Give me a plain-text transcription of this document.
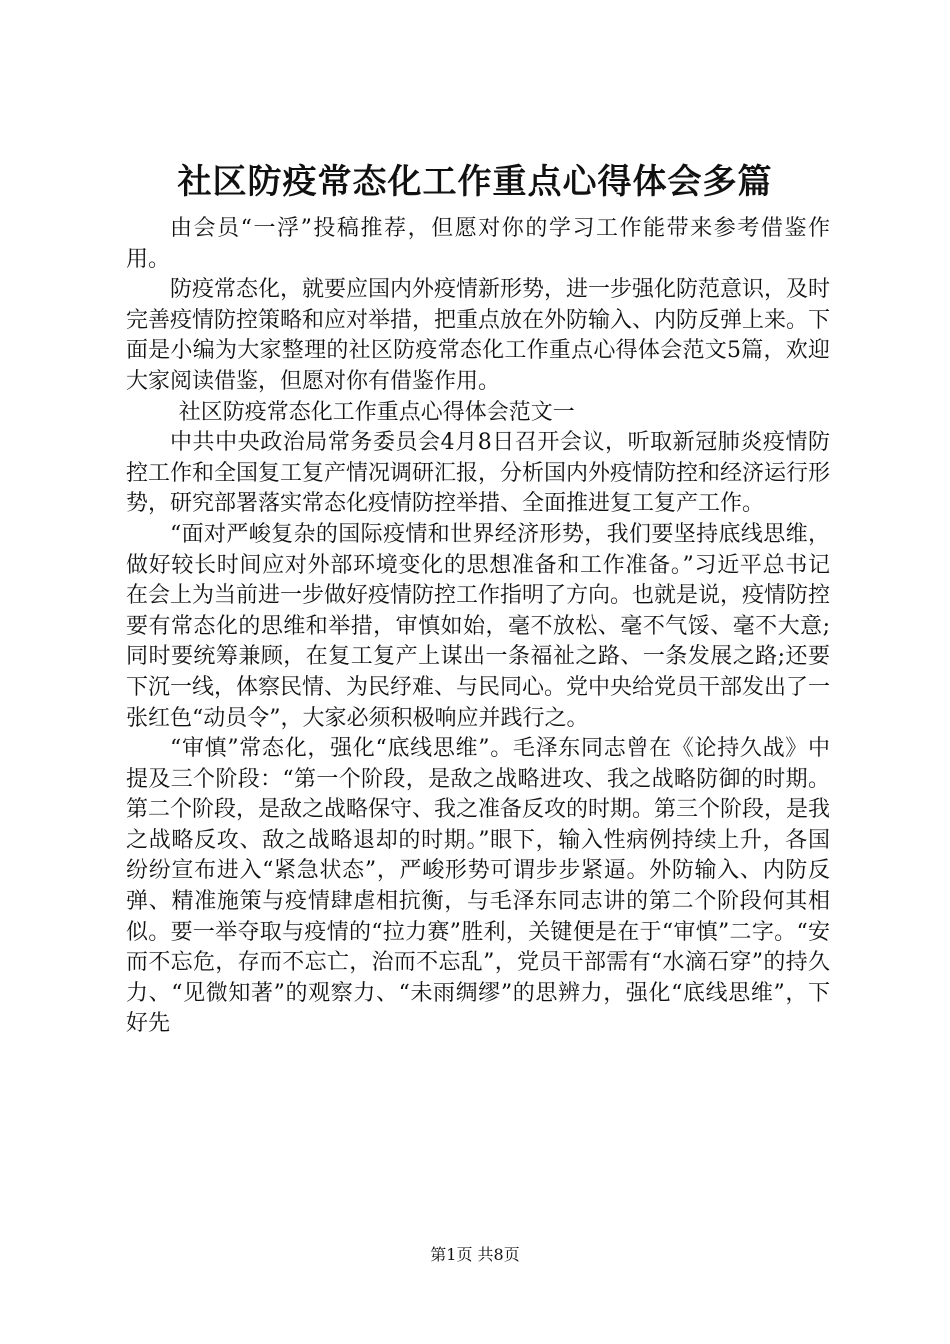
社区防疫常态化工作重点心得体会多篇

由会员“一浮”投稿推荐，但愿对你的学习工作能带来参考借鉴作用。

防疫常态化，就要应国内外疫情新形势，进一步强化防范意识，及时完善疫情防控策略和应对举措，把重点放在外防输入、内防反弹上来。下面是小编为大家整理的社区防疫常态化工作重点心得体会范文5篇，欢迎大家阅读借鉴，但愿对你有借鉴作用。

社区防疫常态化工作重点心得体会范文一

中共中央政治局常务委员会4月8日召开会议，听取新冠肺炎疫情防控工作和全国复工复产情况调研汇报，分析国内外疫情防控和经济运行形势，研究部署落实常态化疫情防控举措、全面推进复工复产工作。

“面对严峻复杂的国际疫情和世界经济形势，我们要坚持底线思维，做好较长时间应对外部环境变化的思想准备和工作准备。”习近平总书记在会上为当前进一步做好疫情防控工作指明了方向。也就是说，疫情防控要有常态化的思维和举措，审慎如始，毫不放松、毫不气馁、毫不大意;同时要统筹兼顾，在复工复产上谋出一条福祉之路、一条发展之路;还要下沉一线，体察民情、为民纾难、与民同心。党中央给党员干部发出了一张红色“动员令”，大家必须积极响应并践行之。

“审慎”常态化，强化“底线思维”。毛泽东同志曾在《论持久战》中提及三个阶段：“第一个阶段，是敌之战略进攻、我之战略防御的时期。第二个阶段，是敌之战略保守、我之准备反攻的时期。第三个阶段，是我之战略反攻、敌之战略退却的时期。”眼下，输入性病例持续上升，各国纷纷宣布进入“紧急状态”，严峻形势可谓步步紧逼。外防输入、内防反弹、精准施策与疫情肆虐相抗衡，与毛泽东同志讲的第二个阶段何其相似。要一举夺取与疫情的“拉力赛”胜利，关键便是在于“审慎”二字。“安而不忘危，存而不忘亡，治而不忘乱”，党员干部需有“水滴石穿”的持久力、“见微知著”的观察力、“未雨绸缪”的思辨力，强化“底线思维”，下好先

第1页 共8页
